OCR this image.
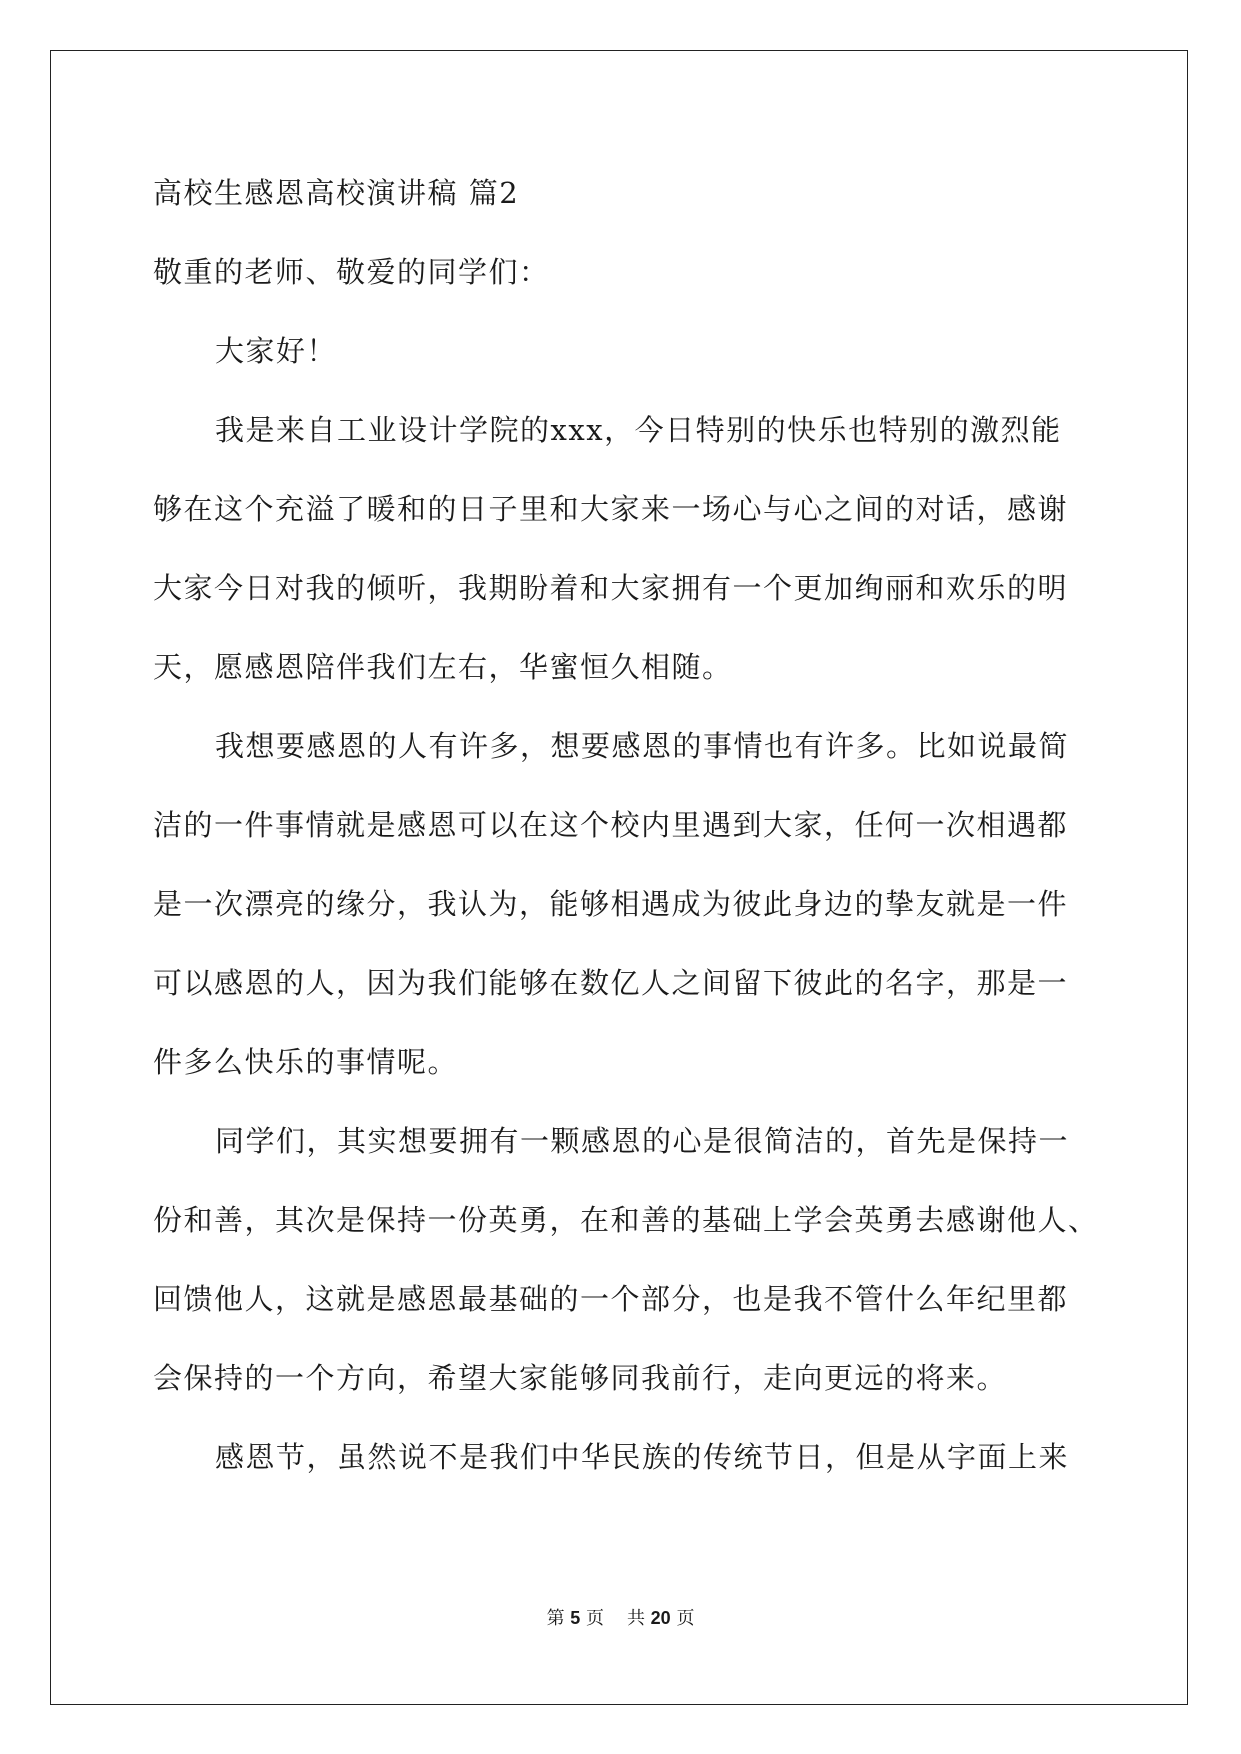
高校生感恩高校演讲稿 篇2
敬重的老师、敬爱的同学们：
大家好！
我是来自工业设计学院的xxx，今日特别的快乐也特别的激烈能
够在这个充溢了暖和的日子里和大家来一场心与心之间的对话，感谢
大家今日对我的倾听，我期盼着和大家拥有一个更加绚丽和欢乐的明
天，愿感恩陪伴我们左右，华蜜恒久相随。
我想要感恩的人有许多，想要感恩的事情也有许多。比如说最简
洁的一件事情就是感恩可以在这个校内里遇到大家，任何一次相遇都
是一次漂亮的缘分，我认为，能够相遇成为彼此身边的挚友就是一件
可以感恩的人，因为我们能够在数亿人之间留下彼此的名字，那是一
件多么快乐的事情呢。
同学们，其实想要拥有一颗感恩的心是很简洁的，首先是保持一
份和善，其次是保持一份英勇，在和善的基础上学会英勇去感谢他人、
回馈他人，这就是感恩最基础的一个部分，也是我不管什么年纪里都
会保持的一个方向，希望大家能够同我前行，走向更远的将来。
感恩节，虽然说不是我们中华民族的传统节日，但是从字面上来
第 5 页 共 20 页
